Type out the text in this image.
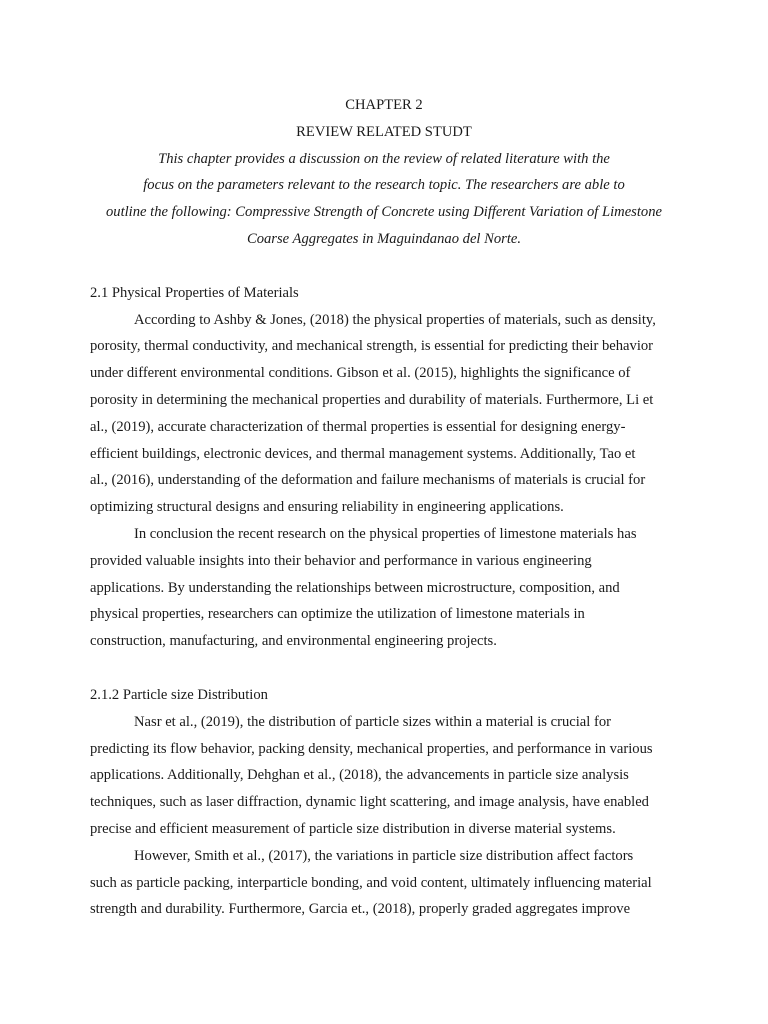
CHAPTER 2

REVIEW RELATED STUDT

This chapter provides a discussion on the review of related literature with the
focus on the parameters relevant to the research topic. The researchers are able to
outline the following: Compressive Strength of Concrete using Different Variation of Limestone
Coarse Aggregates in Maguindanao del Norte.

2.1 Physical Properties of Materials

According to Ashby & Jones, (2018) the physical properties of materials, such as density,
porosity, thermal conductivity, and mechanical strength, is essential for predicting their behavior
under different environmental conditions. Gibson et al. (2015), highlights the significance of
porosity in determining the mechanical properties and durability of materials. Furthermore, Li et
al., (2019), accurate characterization of thermal properties is essential for designing energy-
efficient buildings, electronic devices, and thermal management systems. Additionally, Tao et
al., (2016), understanding of the deformation and failure mechanisms of materials is crucial for
optimizing structural designs and ensuring reliability in engineering applications.

In conclusion the recent research on the physical properties of limestone materials has
provided valuable insights into their behavior and performance in various engineering
applications. By understanding the relationships between microstructure, composition, and
physical properties, researchers can optimize the utilization of limestone materials in
construction, manufacturing, and environmental engineering projects.

2.1.2 Particle size Distribution

Nasr et al., (2019), the distribution of particle sizes within a material is crucial for
predicting its flow behavior, packing density, mechanical properties, and performance in various
applications. Additionally, Dehghan et al., (2018), the advancements in particle size analysis
techniques, such as laser diffraction, dynamic light scattering, and image analysis, have enabled
precise and efficient measurement of particle size distribution in diverse material systems.

However, Smith et al., (2017), the variations in particle size distribution affect factors
such as particle packing, interparticle bonding, and void content, ultimately influencing material
strength and durability. Furthermore, Garcia et., (2018), properly graded aggregates improve
